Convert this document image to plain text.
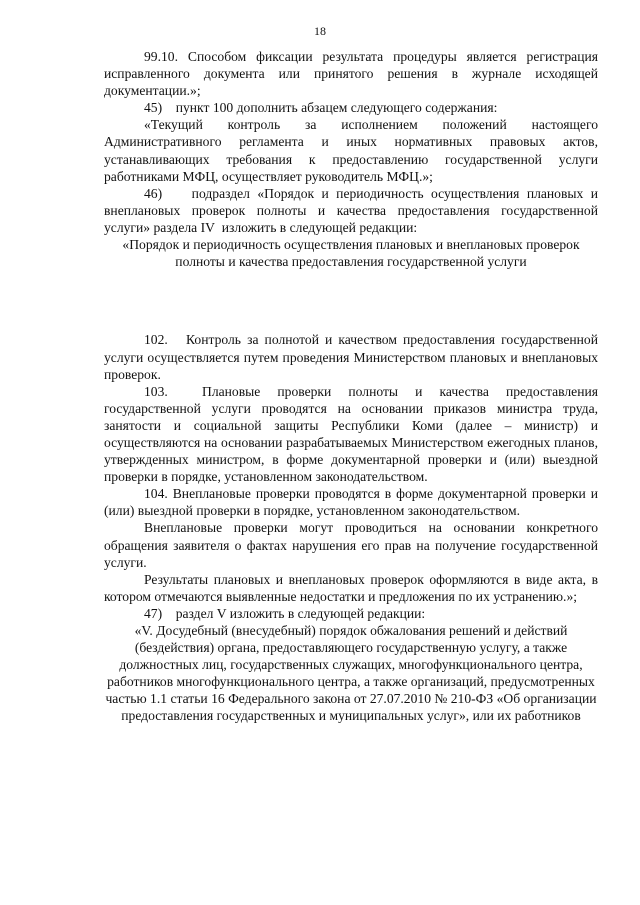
18

99.10. Способом фиксации результата процедуры является регистрация исправленного документа или принятого решения в журнале исходящей документации.»;

45)    пункт 100 дополнить абзацем следующего содержания:

«Текущий контроль за исполнением положений настоящего Административного регламента и иных нормативных правовых актов, устанавливающих требования к предоставлению государственной услуги работниками МФЦ, осуществляет руководитель МФЦ.»;

46)    подраздел «Порядок и периодичность осуществления плановых и внеплановых проверок полноты и качества предоставления государственной услуги» раздела IV  изложить в следующей редакции:

«Порядок и периодичность осуществления плановых и внеплановых проверок полноты и качества предоставления государственной услуги

102.   Контроль за полнотой и качеством предоставления государственной услуги осуществляется путем проведения Министерством плановых и внеплановых проверок.

103.  Плановые проверки полноты и качества предоставления государственной услуги проводятся на основании приказов министра труда, занятости и социальной защиты Республики Коми (далее – министр) и осуществляются на основании разрабатываемых Министерством ежегодных планов, утвержденных министром, в форме документарной проверки и (или) выездной проверки в порядке, установленном законодательством.

104. Внеплановые проверки проводятся в форме документарной проверки и (или) выездной проверки в порядке, установленном законодательством.

Внеплановые проверки могут проводиться на основании конкретного обращения заявителя о фактах нарушения его прав на получение государственной услуги.

Результаты плановых и внеплановых проверок оформляются в виде акта, в котором отмечаются выявленные недостатки и предложения по их устранению.»;

47)    раздел V изложить в следующей редакции:

«V. Досудебный (внесудебный) порядок обжалования решений и действий (бездействия) органа, предоставляющего государственную услугу, а также должностных лиц, государственных служащих, многофункционального центра, работников многофункционального центра, а также организаций, предусмотренных частью 1.1 статьи 16 Федерального закона от 27.07.2010 № 210-ФЗ «Об организации предоставления государственных и муниципальных услуг», или их работников
